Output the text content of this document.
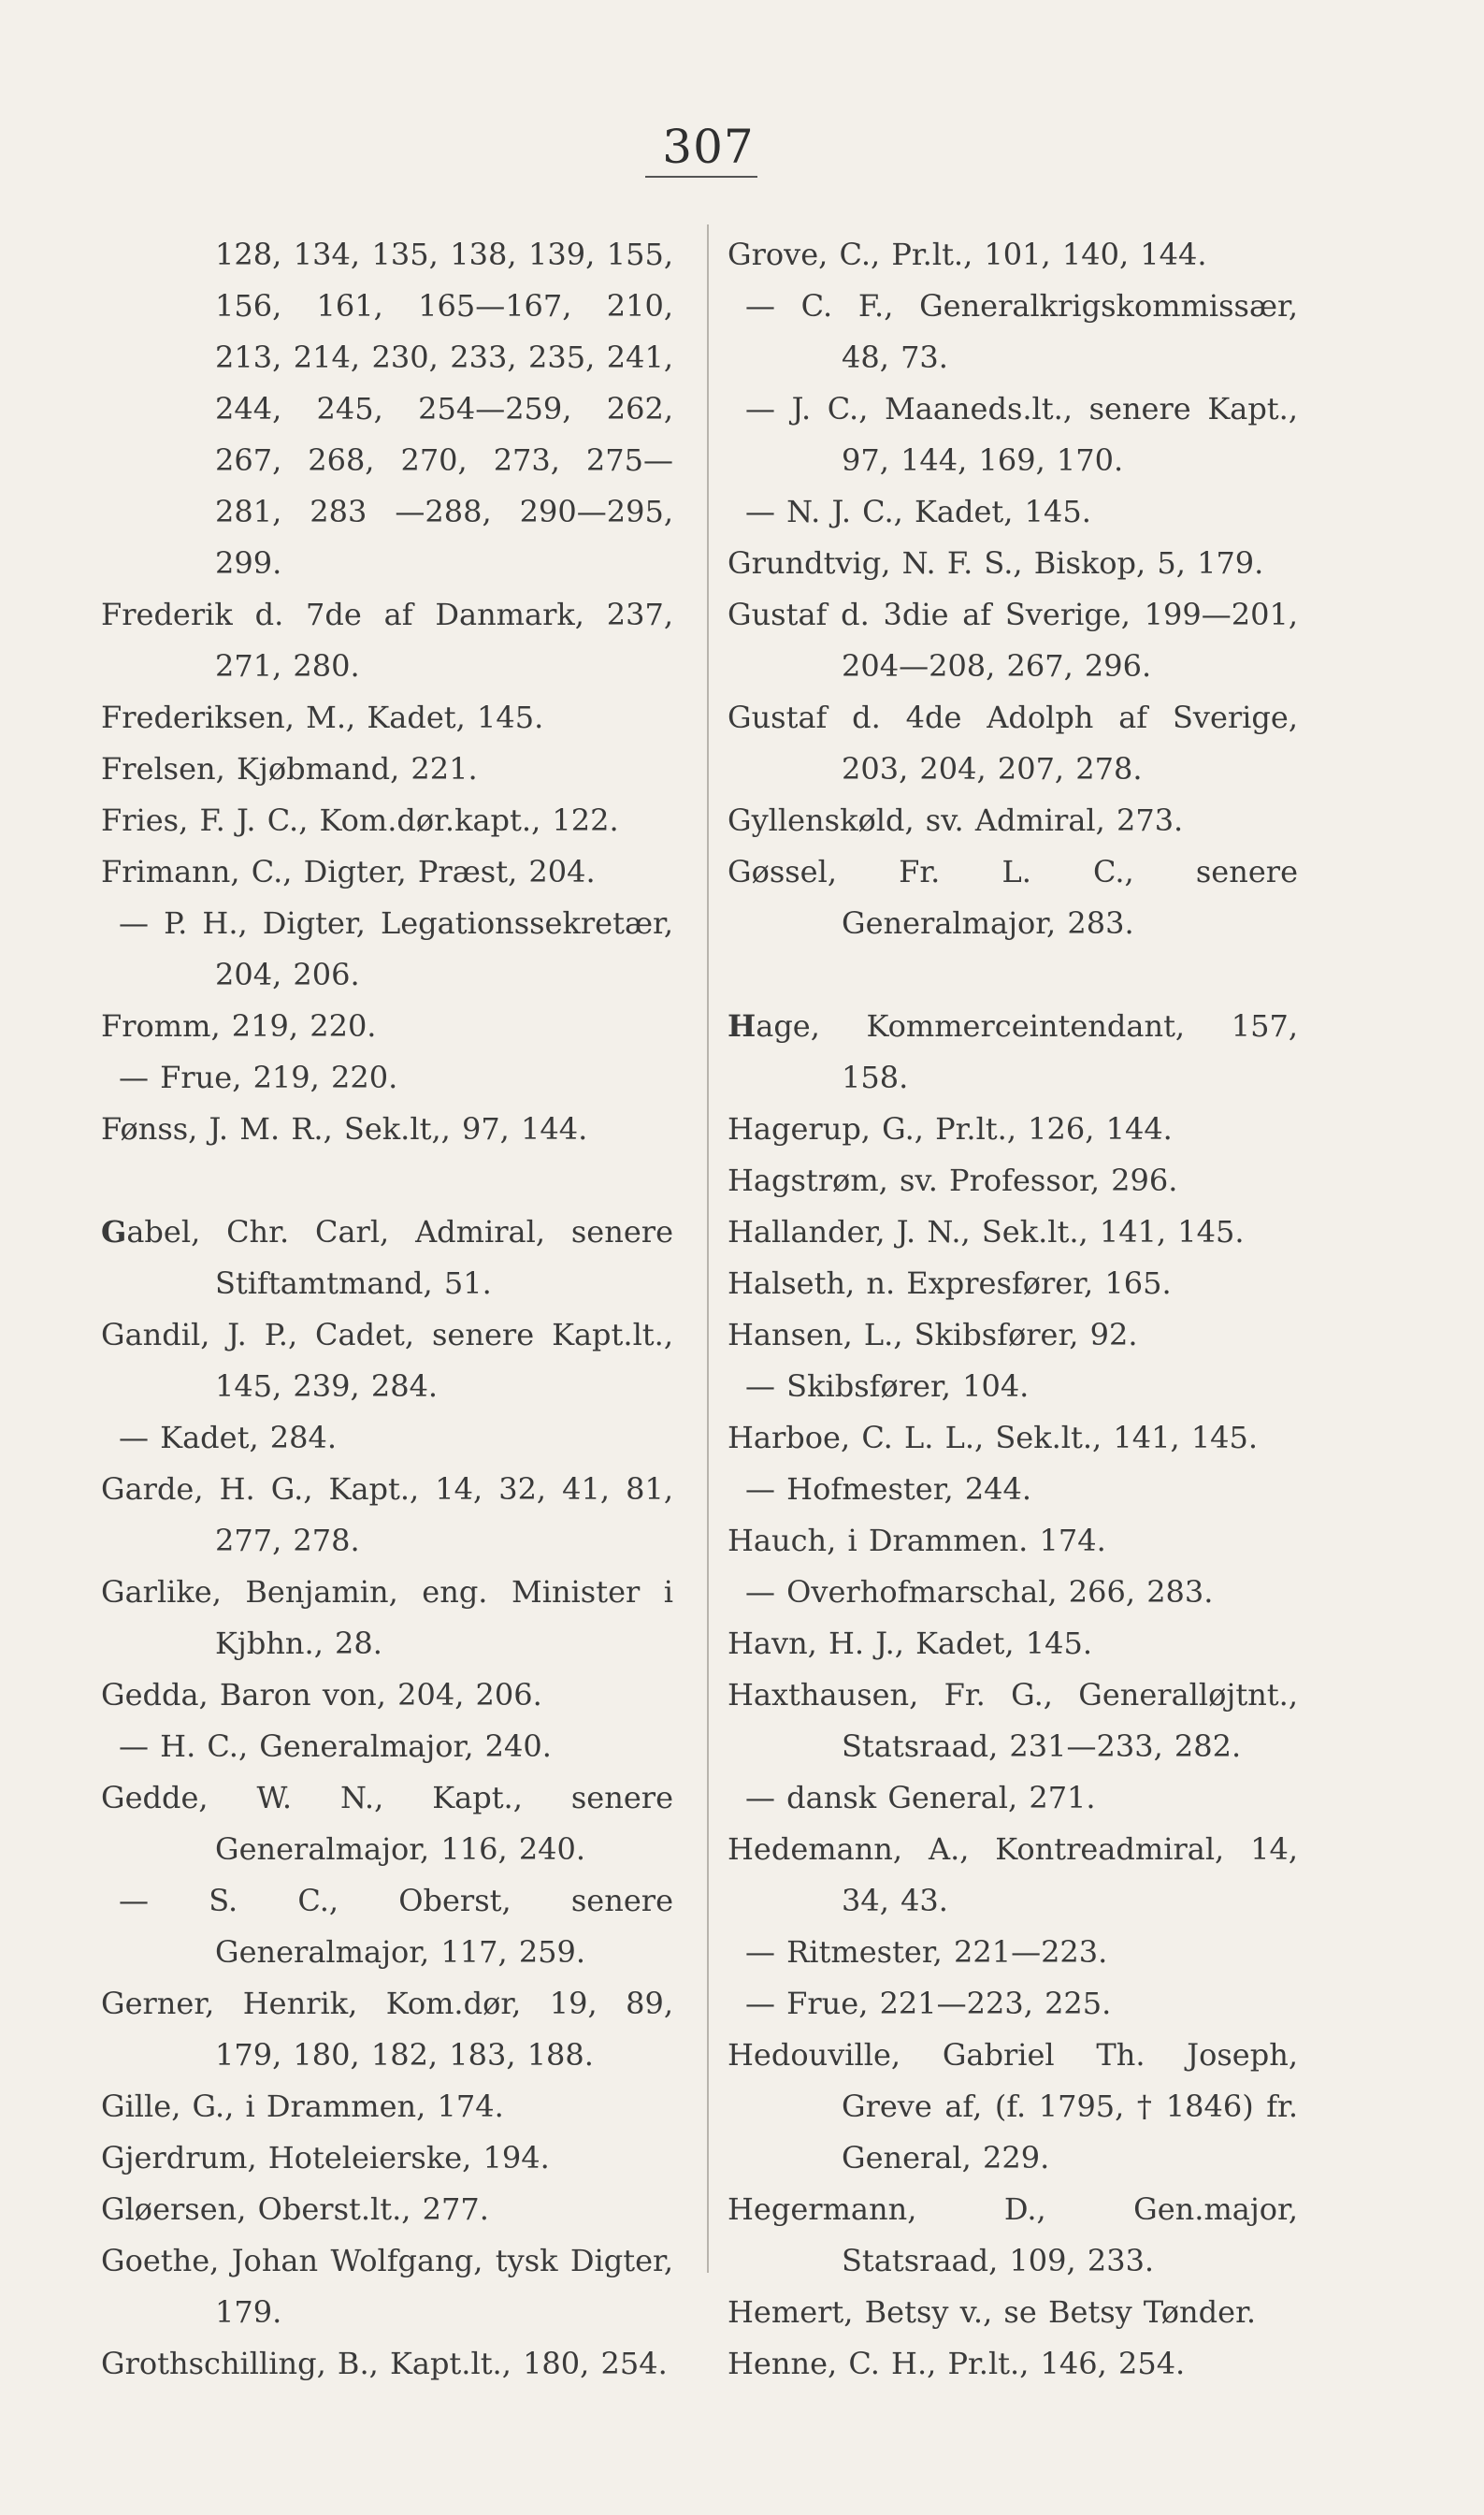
307
128, 134, 135, 138, 139, 155, 156, 161, 165—167, 210, 213, 214, 230, 233, 235, 241, 244, 245, 254—259, 262, 267, 268, 270, 273, 275—281, 283 —288, 290—295, 299.
Frederik d. 7de af Danmark, 237, 271, 280.
Frederiksen, M., Kadet, 145.
Frelsen, Kjøbmand, 221.
Fries, F. J. C., Kom.dør.kapt., 122.
Frimann, C., Digter, Præst, 204.
— P. H., Digter, Legationssekretær, 204, 206.
Fromm, 219, 220.
— Frue, 219, 220.
Fønss, J. M. R., Sek.lt,, 97, 144.
Gabel, Chr. Carl, Admiral, senere Stiftamtmand, 51.
Gandil, J. P., Cadet, senere Kapt.lt., 145, 239, 284.
— Kadet, 284.
Garde, H. G., Kapt., 14, 32, 41, 81, 277, 278.
Garlike, Benjamin, eng. Minister i Kjbhn., 28.
Gedda, Baron von, 204, 206.
— H. C., Generalmajor, 240.
Gedde, W. N., Kapt., senere Generalmajor, 116, 240.
— S. C., Oberst, senere Generalmajor, 117, 259.
Gerner, Henrik, Kom.dør, 19, 89, 179, 180, 182, 183, 188.
Gille, G., i Drammen, 174.
Gjerdrum, Hoteleierske, 194.
Gløersen, Oberst.lt., 277.
Goethe, Johan Wolfgang, tysk Digter, 179.
Grothschilling, B., Kapt.lt., 180, 254.
Grove, C., Pr.lt., 101, 140, 144.
— C. F., Generalkrigskommissær, 48, 73.
— J. C., Maaneds.lt., senere Kapt., 97, 144, 169, 170.
— N. J. C., Kadet, 145.
Grundtvig, N. F. S., Biskop, 5, 179.
Gustaf d. 3die af Sverige, 199—201, 204—208, 267, 296.
Gustaf d. 4de Adolph af Sverige, 203, 204, 207, 278.
Gyllenskøld, sv. Admiral, 273.
Gøssel, Fr. L. C., senere Generalmajor, 283.
Hage, Kommerceintendant, 157, 158.
Hagerup, G., Pr.lt., 126, 144.
Hagstrøm, sv. Professor, 296.
Hallander, J. N., Sek.lt., 141, 145.
Halseth, n. Expresfører, 165.
Hansen, L., Skibsfører, 92.
— Skibsfører, 104.
Harboe, C. L. L., Sek.lt., 141, 145.
— Hofmester, 244.
Hauch, i Drammen. 174.
— Overhofmarschal, 266, 283.
Havn, H. J., Kadet, 145.
Haxthausen, Fr. G., Generalløjtnt., Statsraad, 231—233, 282.
— dansk General, 271.
Hedemann, A., Kontreadmiral, 14, 34, 43.
— Ritmester, 221—223.
— Frue, 221—223, 225.
Hedouville, Gabriel Th. Joseph, Greve af, (f. 1795, † 1846) fr. General, 229.
Hegermann, D., Gen.major, Statsraad, 109, 233.
Hemert, Betsy v., se Betsy Tønder.
Henne, C. H., Pr.lt., 146, 254.
